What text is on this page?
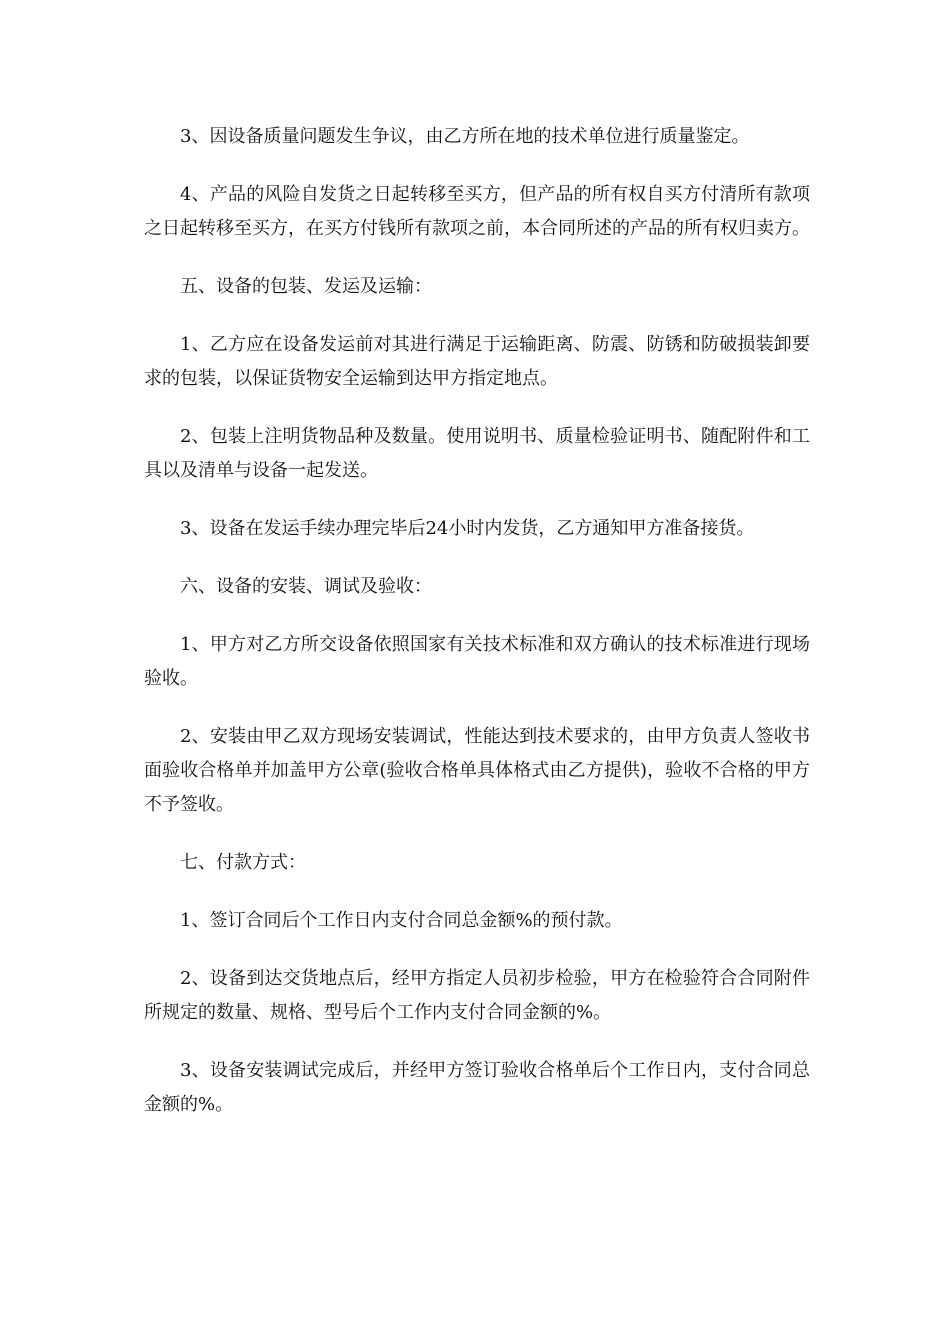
3、因设备质量问题发生争议，由乙方所在地的技术单位进行质量鉴定。

4、产品的风险自发货之日起转移至买方，但产品的所有权自买方付清所有款项之日起转移至买方，在买方付钱所有款项之前，本合同所述的产品的所有权归卖方。

五、设备的包装、发运及运输：

1、乙方应在设备发运前对其进行满足于运输距离、防震、防锈和防破损装卸要求的包装，以保证货物安全运输到达甲方指定地点。

2、包装上注明货物品种及数量。使用说明书、质量检验证明书、随配附件和工具以及清单与设备一起发送。

3、设备在发运手续办理完毕后24小时内发货，乙方通知甲方准备接货。

六、设备的安装、调试及验收：

1、甲方对乙方所交设备依照国家有关技术标准和双方确认的技术标准进行现场验收。

2、安装由甲乙双方现场安装调试，性能达到技术要求的，由甲方负责人签收书面验收合格单并加盖甲方公章(验收合格单具体格式由乙方提供)，验收不合格的甲方不予签收。

七、付款方式：

1、签订合同后个工作日内支付合同总金额%的预付款。

2、设备到达交货地点后，经甲方指定人员初步检验，甲方在检验符合合同附件所规定的数量、规格、型号后个工作内支付合同金额的%。

3、设备安装调试完成后，并经甲方签订验收合格单后个工作日内，支付合同总金额的%。
